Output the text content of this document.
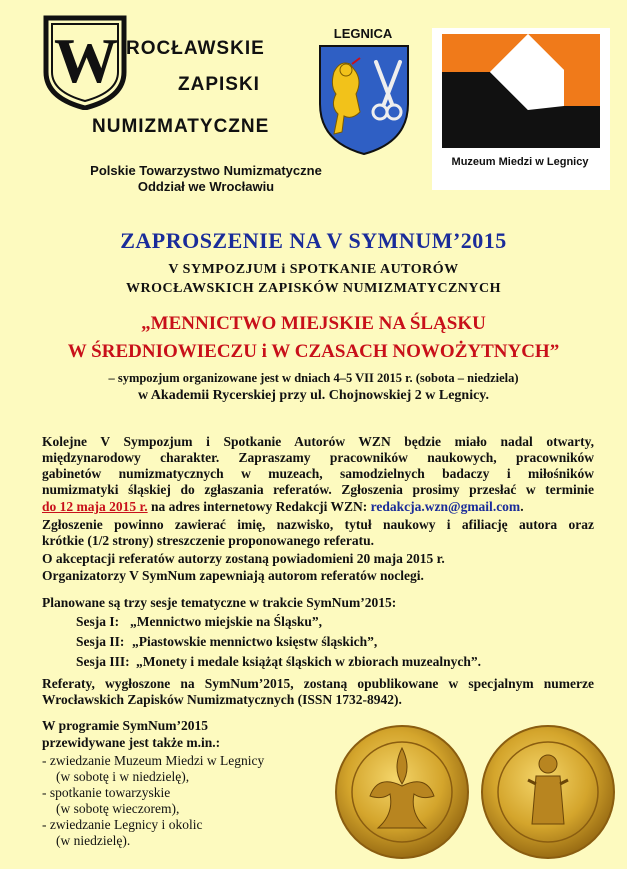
W ROCŁAWSKIE
ZAPISKI
NUMIZMATYCZNE
Polskie Towarzystwo Numizmatyczne
Oddział we Wrocławiu
LEGNICA
Muzeum Miedzi w Legnicy
ZAPROSZENIE NA V SYMNUM’2015
V SYMPOZJUM i SPOTKANIE AUTORÓW
WROCŁAWSKICH ZAPISKÓW NUMIZMATYCZNYCH
„MENNICTWO MIEJSKIE NA ŚLĄSKU
W ŚREDNIOWIECZU i W CZASACH NOWOŻYTNYCH”
– sympozjum organizowane jest w dniach 4–5 VII 2015 r. (sobota – niedziela)
w Akademii Rycerskiej przy ul. Chojnowskiej 2 w Legnicy.
Kolejne V Sympozjum i Spotkanie Autorów WZN będzie miało nadal otwarty,
międzynarodowy charakter. Zapraszamy pracowników naukowych, pracowników
gabinetów numizmatycznych w muzeach, samodzielnych badaczy i miłośników
numizmatyki śląskiej do zgłaszania referatów. Zgłoszenia prosimy przesłać w terminie
do 12 maja 2015 r. na adres internetowy Redakcji WZN: redakcja.wzn@gmail.com.
Zgłoszenie powinno zawierać imię, nazwisko, tytuł naukowy i afiliację autora oraz
krótkie (1/2 strony) streszczenie proponowanego referatu.
O akceptacji referatów autorzy zostaną powiadomieni 20 maja 2015 r.
Organizatorzy V SymNum zapewniają autorom referatów noclegi.
Planowane są trzy sesje tematyczne w trakcie SymNum’2015:
Sesja I: „Mennictwo miejskie na Śląsku”,
Sesja II: „Piastowskie mennictwo księstw śląskich”,
Sesja III: „Monety i medale książąt śląskich w zbiorach muzealnych”.
Referaty, wygłoszone na SymNum’2015, zostaną opublikowane w specjalnym numerze
Wrocławskich Zapisków Numizmatycznych (ISSN 1732-8942).
W programie SymNum’2015
przewidywane jest także m.in.:
- zwiedzanie Muzeum Miedzi w Legnicy
(w sobotę i w niedzielę),
- spotkanie towarzyskie
(w sobotę wieczorem),
- zwiedzanie Legnicy i okolic
(w niedzielę).
